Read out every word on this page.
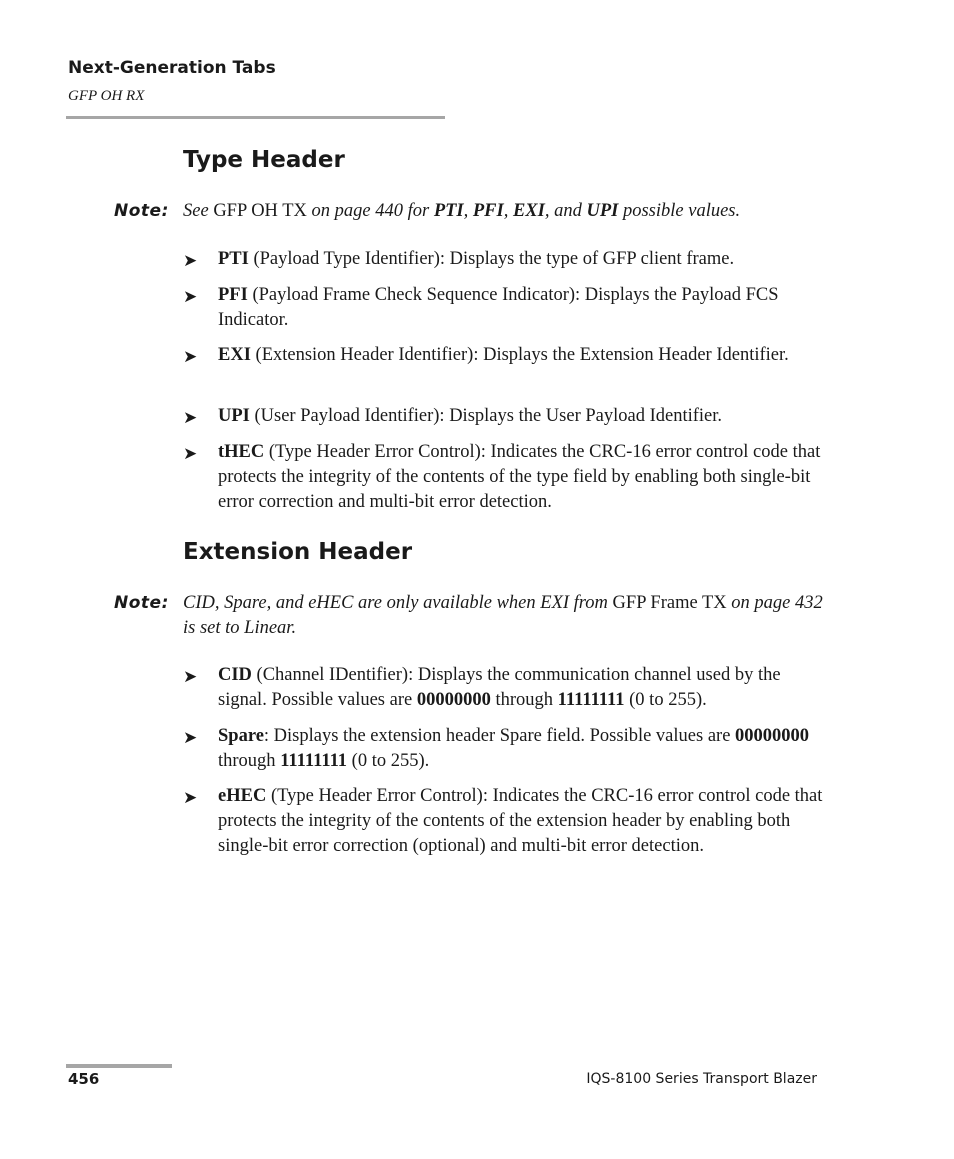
Next-Generation Tabs
GFP OH RX
Type Header
Note: See GFP OH TX on page 440 for PTI, PFI, EXI, and UPI possible values.
➤ PTI (Payload Type Identifier): Displays the type of GFP client frame.
➤ PFI (Payload Frame Check Sequence Indicator): Displays the Payload FCS Indicator.
➤ EXI (Extension Header Identifier): Displays the Extension Header Identifier.
➤ UPI (User Payload Identifier): Displays the User Payload Identifier.
➤ tHEC (Type Header Error Control): Indicates the CRC-16 error control code that protects the integrity of the contents of the type field by enabling both single-bit error correction and multi-bit error detection.
Extension Header
Note: CID, Spare, and eHEC are only available when EXI from GFP Frame TX on page 432 is set to Linear.
➤ CID (Channel IDentifier): Displays the communication channel used by the signal. Possible values are 00000000 through 11111111 (0 to 255).
➤ Spare: Displays the extension header Spare field. Possible values are 00000000 through 11111111 (0 to 255).
➤ eHEC (Type Header Error Control): Indicates the CRC-16 error control code that protects the integrity of the contents of the extension header by enabling both single-bit error correction (optional) and multi-bit error detection.
456	IQS-8100 Series Transport Blazer
